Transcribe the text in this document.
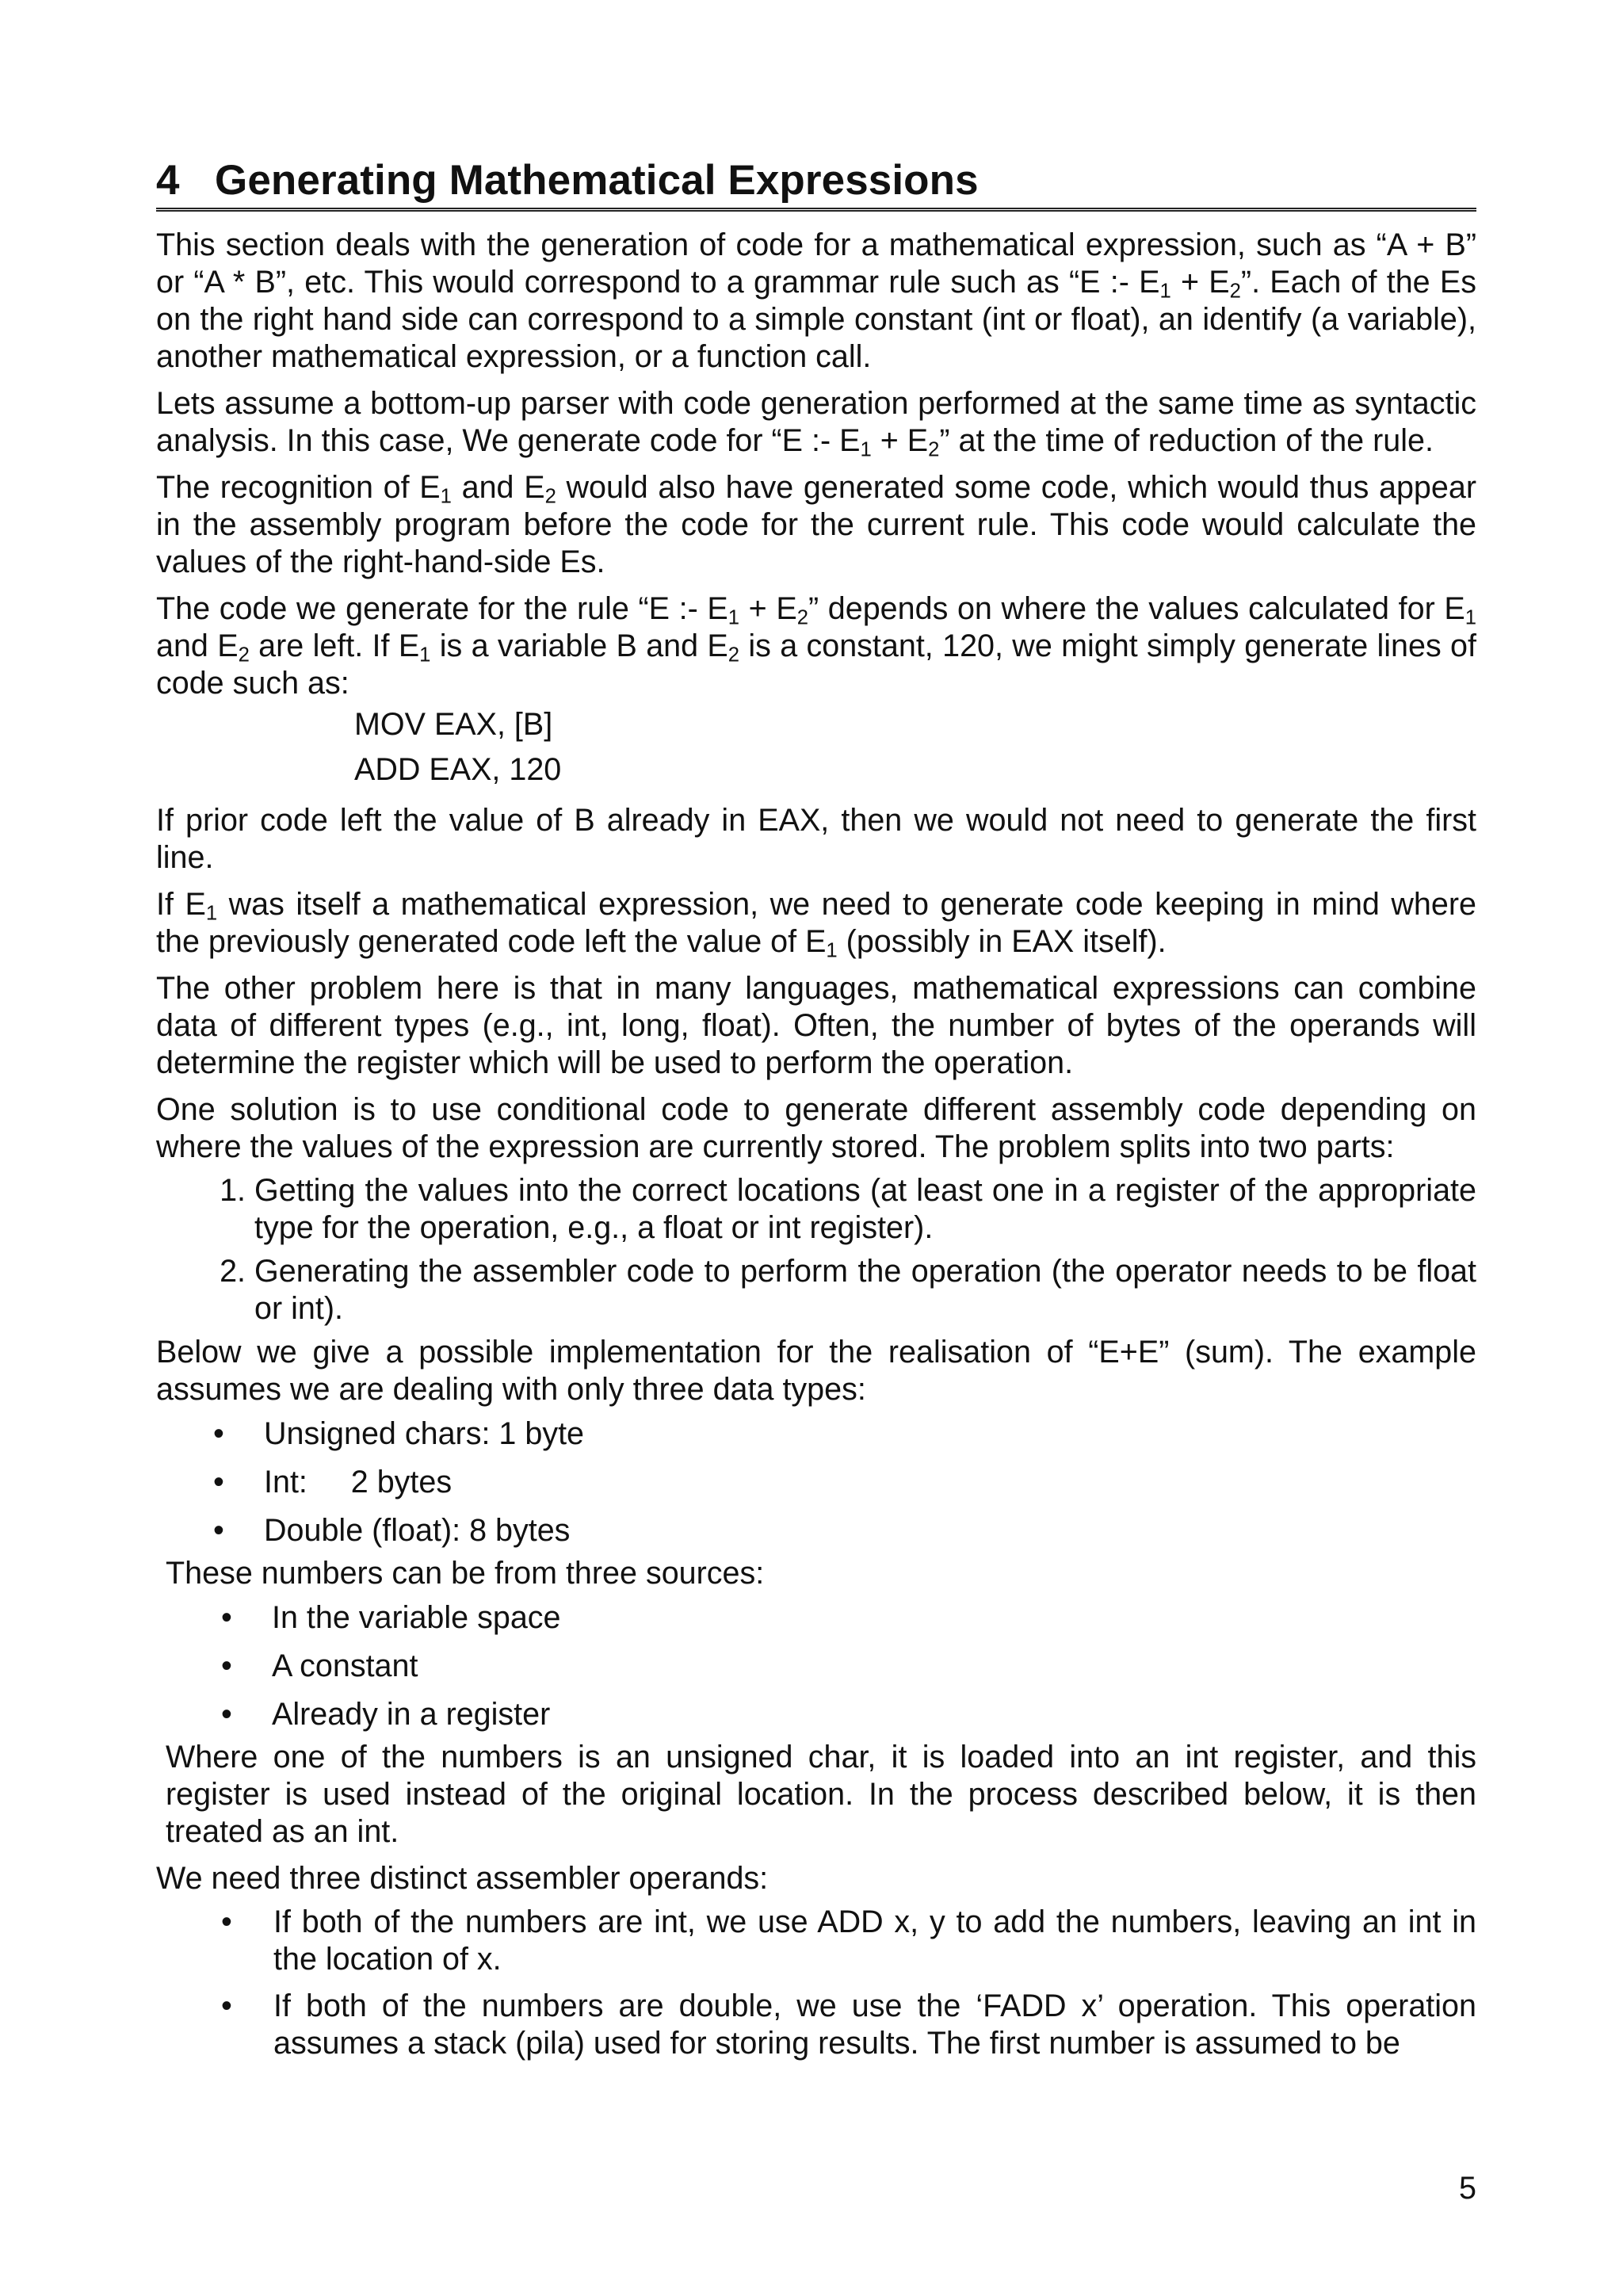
4 Generating Mathematical Expressions

This section deals with the generation of code for a mathematical expression, such as “A + B” or “A * B”, etc. This would correspond to a grammar rule such as “E :- $E_1 + E_2$”. Each of the Es on the right hand side can correspond to a simple constant (int or float), an identify (a variable), another mathematical expression, or a function call.

Lets assume a bottom-up parser with code generation performed at the same time as syntactic analysis. In this case, We generate code for “E :- $E_1 + E_2$” at the time of reduction of the rule.

The recognition of $E_1$ and $E_2$ would also have generated some code, which would thus appear in the assembly program before the code for the current rule. This code would calculate the values of the right-hand-side Es.

The code we generate for the rule “E :- $E_1 + E_2$” depends on where the values calculated for $E_1$ and $E_2$ are left. If $E_1$ is a variable B and $E_2$ is a constant, 120, we might simply generate lines of code such as:

MOV EAX, [B]
ADD EAX, 120

If prior code left the value of B already in EAX, then we would not need to generate the first line.

If $E_1$ was itself a mathematical expression, we need to generate code keeping in mind where the previously generated code left the value of $E_1$ (possibly in EAX itself).

The other problem here is that in many languages, mathematical expressions can combine data of different types (e.g., int, long, float). Often, the number of bytes of the operands will determine the register which will be used to perform the operation.

One solution is to use conditional code to generate different assembly code depending on where the values of the expression are currently stored. The problem splits into two parts:

1. Getting the values into the correct locations (at least one in a register of the appropriate type for the operation, e.g., a float or int register).
2. Generating the assembler code to perform the operation (the operator needs to be float or int).

Below we give a possible implementation for the realisation of “E+E” (sum). The example assumes we are dealing with only three data types:

• Unsigned chars: 1 byte
• Int:     2 bytes
• Double (float): 8 bytes

These numbers can be from three sources:

• In the variable space
• A constant
• Already in a register

Where one of the numbers is an unsigned char, it is loaded into an int register, and this register is used instead of the original location. In the process described below, it is then treated as an int.

We need three distinct assembler operands:

• If both of the numbers are int, we use ADD x, y to add the numbers, leaving an int in the location of x.
• If both of the numbers are double, we use the ‘FADD x’ operation. This operation assumes a stack (pila) used for storing results. The first number is assumed to be
5
